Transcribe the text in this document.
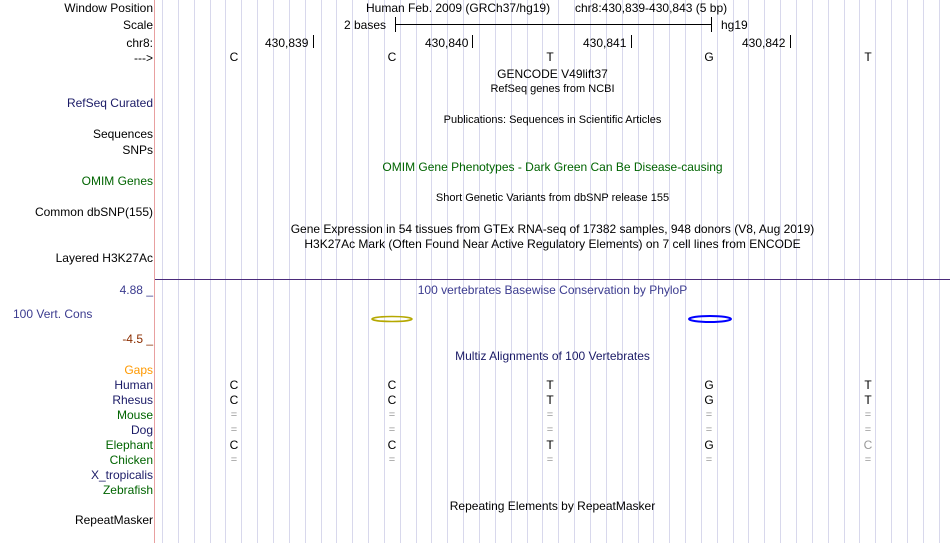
Window Position	Human Feb. 2009 (GRCh37/hg19) chr8:430,839-430,843 (5 bp)
Scale	2 bases	hg19
chr8:	430,839	430,840	430,841	430,842
--->	C	C	T	G	T
GENCODE V49lift37
RefSeq genes from NCBI
RefSeq Curated
Publications: Sequences in Scientific Articles
Sequences
SNPs
OMIM Gene Phenotypes - Dark Green Can Be Disease-causing
OMIM Genes
Short Genetic Variants from dbSNP release 155
Common dbSNP(155)
Gene Expression in 54 tissues from GTEx RNA-seq of 17382 samples, 948 donors (V8, Aug 2019)
H3K27Ac Mark (Often Found Near Active Regulatory Elements) on 7 cell lines from ENCODE
Layered H3K27Ac
4.88 _	100 vertebrates Basewise Conservation by PhyloP
100 Vert. Cons
-4.5 _
Multiz Alignments of 100 Vertebrates
Gaps
Human	C	C	T	G	T
Rhesus	C	C	T	G	T
Mouse	=	=	=	=	=
Dog	=	=	=	=	=
Elephant	C	C	T	G	C
Chicken	=	=	=	=	=
X_tropicalis
Zebrafish
Repeating Elements by RepeatMasker
RepeatMasker
